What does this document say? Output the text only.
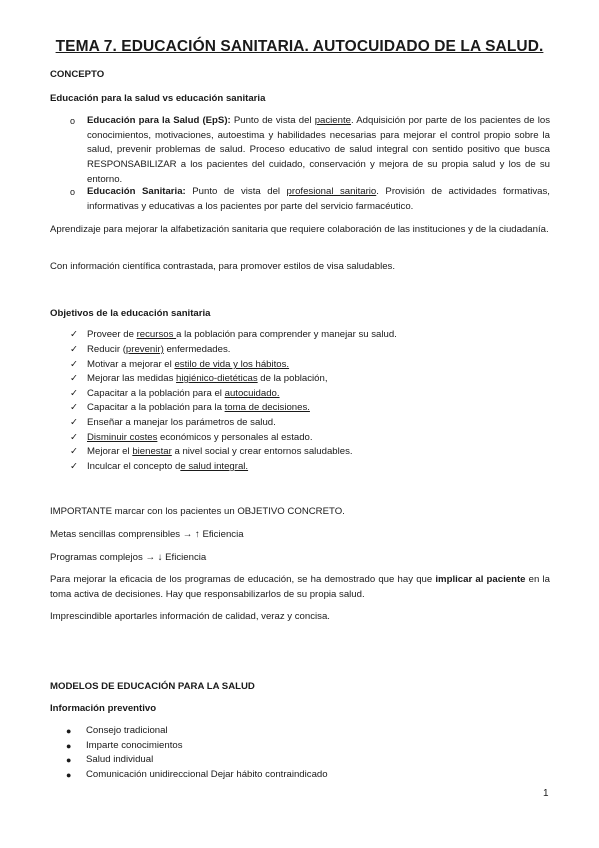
TEMA 7. EDUCACIÓN SANITARIA. AUTOCUIDADO DE LA SALUD.
CONCEPTO
Educación para la salud vs educación sanitaria
o	Educación para la Salud (EpS): Punto de vista del paciente. Adquisición por parte de los pacientes de los conocimientos, motivaciones, autoestima y habilidades necesarias para mejorar el control propio sobre la salud, prevenir problemas de salud. Proceso educativo de salud integral con sentido positivo que busca RESPONSABILIZAR a los pacientes del cuidado, conservación y mejora de su propia salud y los de su entorno.
o	Educación Sanitaria: Punto de vista del profesional sanitario. Provisión de actividades formativas, informativas y educativas a los pacientes por parte del servicio farmacéutico.
Aprendizaje para mejorar la alfabetización sanitaria que requiere colaboración de las instituciones y de la ciudadanía.
Con información científica contrastada, para promover estilos de visa saludables.
Objetivos de la educación sanitaria
✓ Proveer de recursos a la población para comprender y manejar su salud.
✓ Reducir (prevenir) enfermedades.
✓ Motivar a mejorar el estilo de vida y los hábitos.
✓ Mejorar las medidas higiénico-dietéticas de la población,
✓ Capacitar a la población para el autocuidado.
✓ Capacitar a la población para la toma de decisiones.
✓ Enseñar a manejar los parámetros de salud.
✓ Disminuir costes económicos y personales al estado.
✓ Mejorar el bienestar a nivel social y crear entornos saludables.
✓ Inculcar el concepto de salud integral.
IMPORTANTE marcar con los pacientes un OBJETIVO CONCRETO.
Metas sencillas comprensibles → ↑ Eficiencia
Programas complejos → ↓ Eficiencia
Para mejorar la eficacia de los programas de educación, se ha demostrado que hay que implicar al paciente en la toma activa de decisiones. Hay que responsabilizarlos de su propia salud.
Imprescindible aportarles información de calidad, veraz y concisa.
MODELOS DE EDUCACIÓN PARA LA SALUD
Información preventivo
● Consejo tradicional
● Imparte conocimientos
● Salud individual
● Comunicación unidireccional Dejar hábito contraindicado
1
